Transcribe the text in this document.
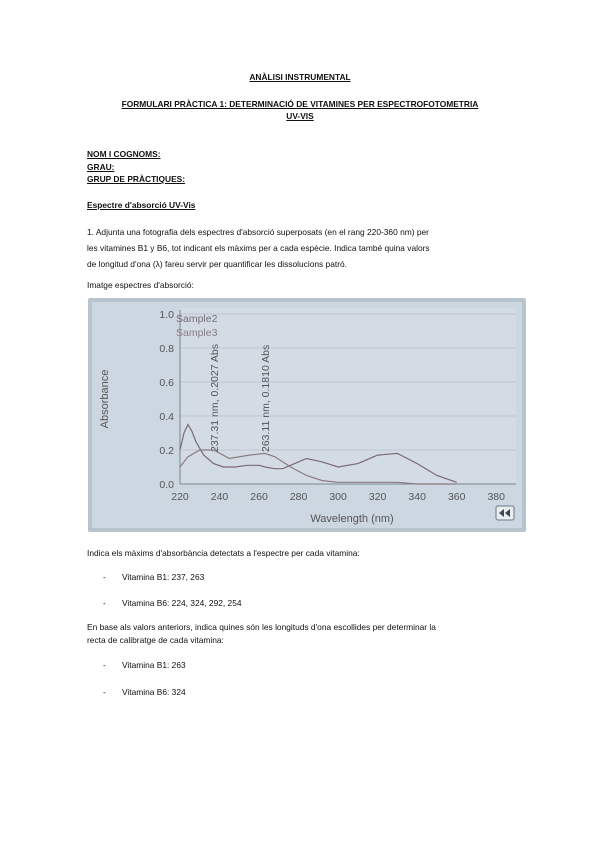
ANÀLISI INSTRUMENTAL
FORMULARI PRÀCTICA 1: DETERMINACIÓ DE VITAMINES PER ESPECTROFOTOMETRIA
UV-VIS
NOM I COGNOMS:
GRAU:
GRUP DE PRÀCTIQUES:
Espectre d'absorció UV-Vis
1. Adjunta una fotografia dels espectres d'absorció superposats (en el rang 220-360 nm) per
les vitamines B1 y B6, tot indicant els màxims per a cada espècie. Indica també quina valors
de longitud d'ona (λ) fareu servir per quantificar les dissolucions patró.
Imatge espectres d'absorció:
0.0
0.2
0.4
0.6
0.8
1.0
220 240 260 280 300 320 340 360 380
Wavelength (nm)
Absorbance	237.31 nm, 0.2027 Abs	263.11 nm, 0.1810 Abs
Sample2
Sample3
Indica els màxims d'absorbància detectats a l'espectre per cada vitamina:
- Vitamina B1: 237, 263
- Vitamina B6: 224, 324, 292, 254
En base als valors anteriors, indica quines són les longituds d'ona escollides per determinar la
recta de calibratge de cada vitamina:
- Vitamina B1: 263
- Vitamina B6: 324
